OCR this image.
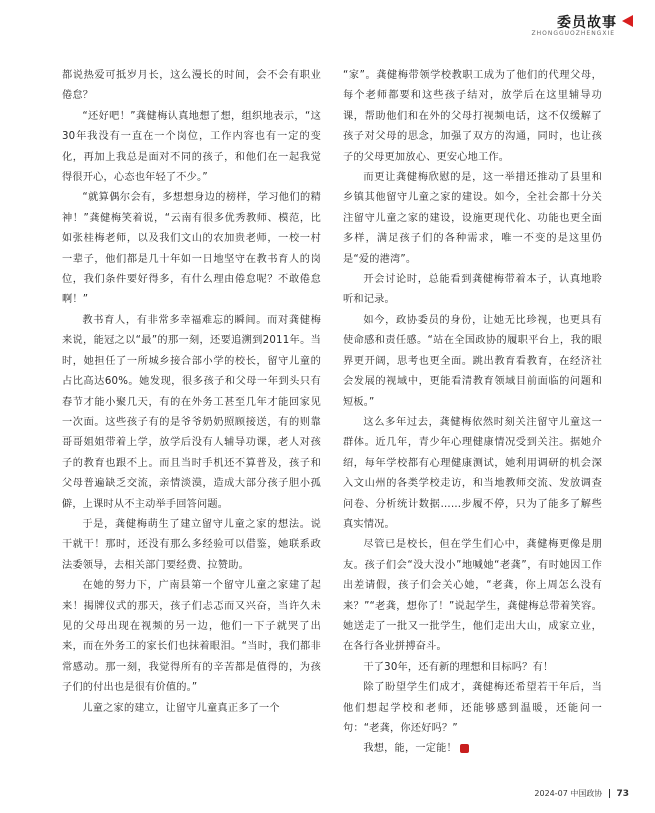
委员故事
ZHONGGUOZHENGXIE

都说热爱可抵岁月长，这么漫长的时间，会不会有职业倦怠？

“还好吧！”龚健梅认真地想了想，组织地表示，“这30年我没有一直在一个岗位，工作内容也有一定的变化，再加上我总是面对不同的孩子，和他们在一起我觉得很开心，心态也年轻了不少。”

“就算偶尔会有，多想想身边的榜样，学习他们的精神！”龚健梅笑着说，“云南有很多优秀教师、模范，比如张桂梅老师，以及我们文山的农加贵老师，一校一村一辈子，他们都是几十年如一日地坚守在教书育人的岗位，我们条件要好得多，有什么理由倦怠呢？不敢倦怠啊！”

教书育人，有非常多幸福难忘的瞬间。而对龚健梅来说，能冠之以“最”的那一刻，还要追溯到2011年。当时，她担任了一所城乡接合部小学的校长，留守儿童的占比高达60%。她发现，很多孩子和父母一年到头只有春节才能小聚几天，有的在外务工甚至几年才能回家见一次面。这些孩子有的是爷爷奶奶照顾接送，有的则靠哥哥姐姐带着上学，放学后没有人辅导功课，老人对孩子的教育也跟不上。而且当时手机还不算普及，孩子和父母普遍缺乏交流，亲情淡漠，造成大部分孩子胆小孤僻，上课时从不主动举手回答问题。

于是，龚健梅萌生了建立留守儿童之家的想法。说干就干！那时，还没有那么多经验可以借鉴，她联系政法委领导，去相关部门要经费、拉赞助。

在她的努力下，广南县第一个留守儿童之家建了起来！揭牌仪式的那天，孩子们忐忑而又兴奋，当许久未见的父母出现在视频的另一边，他们一下子就哭了出来，而在外务工的家长们也抹着眼泪。“当时，我们都非常感动。那一刻，我觉得所有的辛苦都是值得的，为孩子们的付出也是很有价值的。”

儿童之家的建立，让留守儿童真正多了一个

“家”。龚健梅带领学校教职工成为了他们的代理父母，每个老师都要和这些孩子结对，放学后在这里辅导功课，帮助他们和在外的父母打视频电话，这不仅缓解了孩子对父母的思念，加强了双方的沟通，同时，也让孩子的父母更加放心、更安心地工作。

而更让龚健梅欣慰的是，这一举措还推动了县里和乡镇其他留守儿童之家的建设。如今，全社会都十分关注留守儿童之家的建设，设施更现代化、功能也更全面多样，满足孩子们的各种需求，唯一不变的是这里仍是“爱的港湾”。

开会讨论时，总能看到龚健梅带着本子，认真地聆听和记录。

如今，政协委员的身份，让她无比珍视，也更具有使命感和责任感。“站在全国政协的履职平台上，我的眼界更开阔，思考也更全面。跳出教育看教育，在经济社会发展的视域中，更能看清教育领域目前面临的问题和短板。”

这么多年过去，龚健梅依然时刻关注留守儿童这一群体。近几年，青少年心理健康情况受到关注。据她介绍，每年学校都有心理健康测试，她利用调研的机会深入文山州的各类学校走访，和当地教师交流、发放调查问卷、分析统计数据……步履不停，只为了能多了解些真实情况。

尽管已是校长，但在学生们心中，龚健梅更像是朋友。孩子们会“没大没小”地喊她“老龚”，有时她因工作出差请假，孩子们会关心她，“老龚，你上周怎么没有来？”“老龚，想你了！”说起学生，龚健梅总带着笑容。她送走了一批又一批学生，他们走出大山，成家立业，在各行各业拼搏奋斗。

干了30年，还有新的理想和目标吗？有！

除了盼望学生们成才，龚健梅还希望若干年后，当他们想起学校和老师，还能够感到温暖，还能问一句：“老龚，你还好吗？”

我想，能，一定能！

2024-07 中国政协 73
